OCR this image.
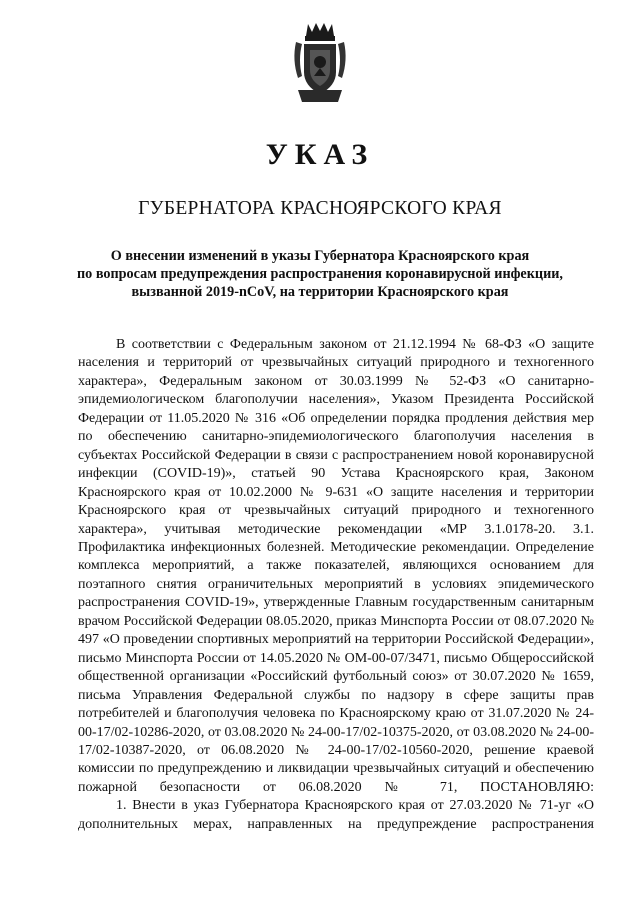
УКАЗ
ГУБЕРНАТОРА КРАСНОЯРСКОГО КРАЯ
О внесении изменений в указы Губернатора Красноярского края
по вопросам предупреждения распространения коронавирусной инфекции,
вызванной 2019-nCoV, на территории Красноярского края

В соответствии с Федеральным законом от 21.12.1994 № 68-ФЗ «О защите населения и территорий от чрезвычайных ситуаций природного и техногенного характера», Федеральным законом от 30.03.1999 № 52-ФЗ «О санитарно-эпидемиологическом благополучии населения», Указом Президента Российской Федерации от 11.05.2020 № 316 «Об определении порядка продления действия мер по обеспечению санитарно-эпидемиологического благополучия населения в субъектах Российской Федерации в связи с распространением новой коронавирусной инфекции (COVID-19)», статьей 90 Устава Красноярского края, Законом Красноярского края от 10.02.2000 № 9-631 «О защите населения и территории Красноярского края от чрезвычайных ситуаций природного и техногенного характера», учитывая методические рекомендации «МР 3.1.0178-20. 3.1. Профилактика инфекционных болезней. Методические рекомендации. Определение комплекса мероприятий, а также показателей, являющихся основанием для поэтапного снятия ограничительных мероприятий в условиях эпидемического распространения COVID-19», утвержденные Главным государственным санитарным врачом Российской Федерации 08.05.2020, приказ Минспорта России от 08.07.2020 № 497 «О проведении спортивных мероприятий на территории Российской Федерации», письмо Минспорта России от 14.05.2020 № ОМ-00-07/3471, письмо Общероссийской общественной организации «Российский футбольный союз» от 30.07.2020 № 1659, письма Управления Федеральной службы по надзору в сфере защиты прав потребителей и благополучия человека по Красноярскому краю от 31.07.2020 № 24-00-17/02-10286-2020, от 03.08.2020 № 24-00-17/02-10375-2020, от 03.08.2020 № 24-00-17/02-10387-2020, от 06.08.2020 № 24-00-17/02-10560-2020, решение краевой комиссии по предупреждению и ликвидации чрезвычайных ситуаций и обеспечению пожарной безопасности от 06.08.2020 № 71, ПОСТАНОВЛЯЮ:

1. Внести в указ Губернатора Красноярского края от 27.03.2020 № 71-уг «О дополнительных мерах, направленных на предупреждение распространения
